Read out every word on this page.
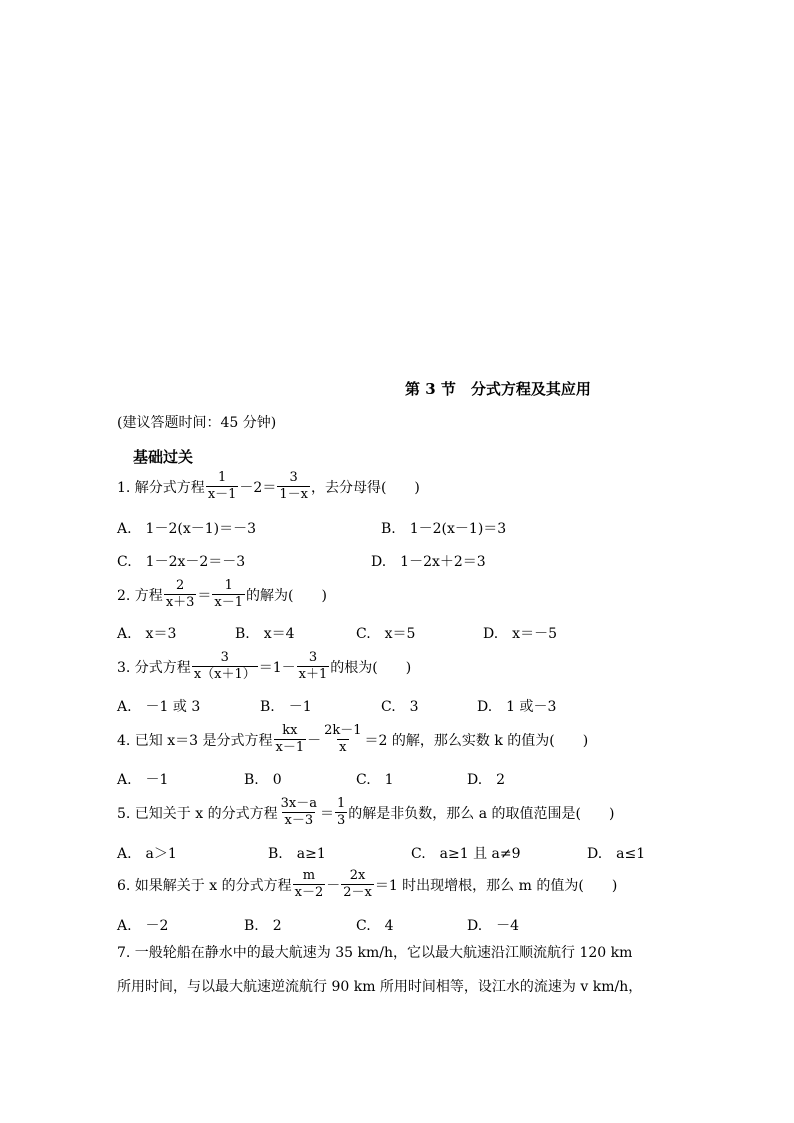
第 3 节　分式方程及其应用
(建议答题时间：45 分钟)
基础过关
1. 解分式方程 $\frac{1}{x-1} -2= \frac{3}{1-x}$ ，去分母得(　　)
A.　1－2(x－1)＝－3	B.　1－2(x－1)＝3
C.　1－2x－2＝－3	D.　1－2x＋2＝3
2. 方程 $\frac{2}{x+3} = \frac{1}{x-1}$ 的解为(　　)
A.　x＝3	B.　x＝4	C.　x＝5	D.　x＝－5
3. 分式方程 $\frac{3}{x(x+1)} =1- \frac{3}{x+1}$ 的根为(　　)
A.　－1 或 3	B.　－1	C.　3	D.　1 或－3
4. 已知 x＝3 是分式方程 $\frac{kx}{x-1} - \frac{2k-1}{x} =2$ 的解，那么实数 k 的值为(　　)
A.　－1	B.　0	C.　1	D.　2
5. 已知关于 x 的分式方程 $\frac{3x-a}{x-3} = \frac{1}{3}$ 的解是非负数，那么 a 的取值范围是(　　)
A.　a＞1	B.　a≥1	C.　a≥1 且 a≠9	D.　a≤1
6. 如果解关于 x 的分式方程 $\frac{m}{x-2} - \frac{2x}{2-x} =1$ 时出现增根，那么 m 的值为(　　)
A.　－2	B.　2	C.　4	D.　－4
7. 一般轮船在静水中的最大航速为 35 km/h，它以最大航速沿江顺流航行 120 km
所用时间，与以最大航速逆流航行 90 km 所用时间相等，设江水的流速为 v km/h，
